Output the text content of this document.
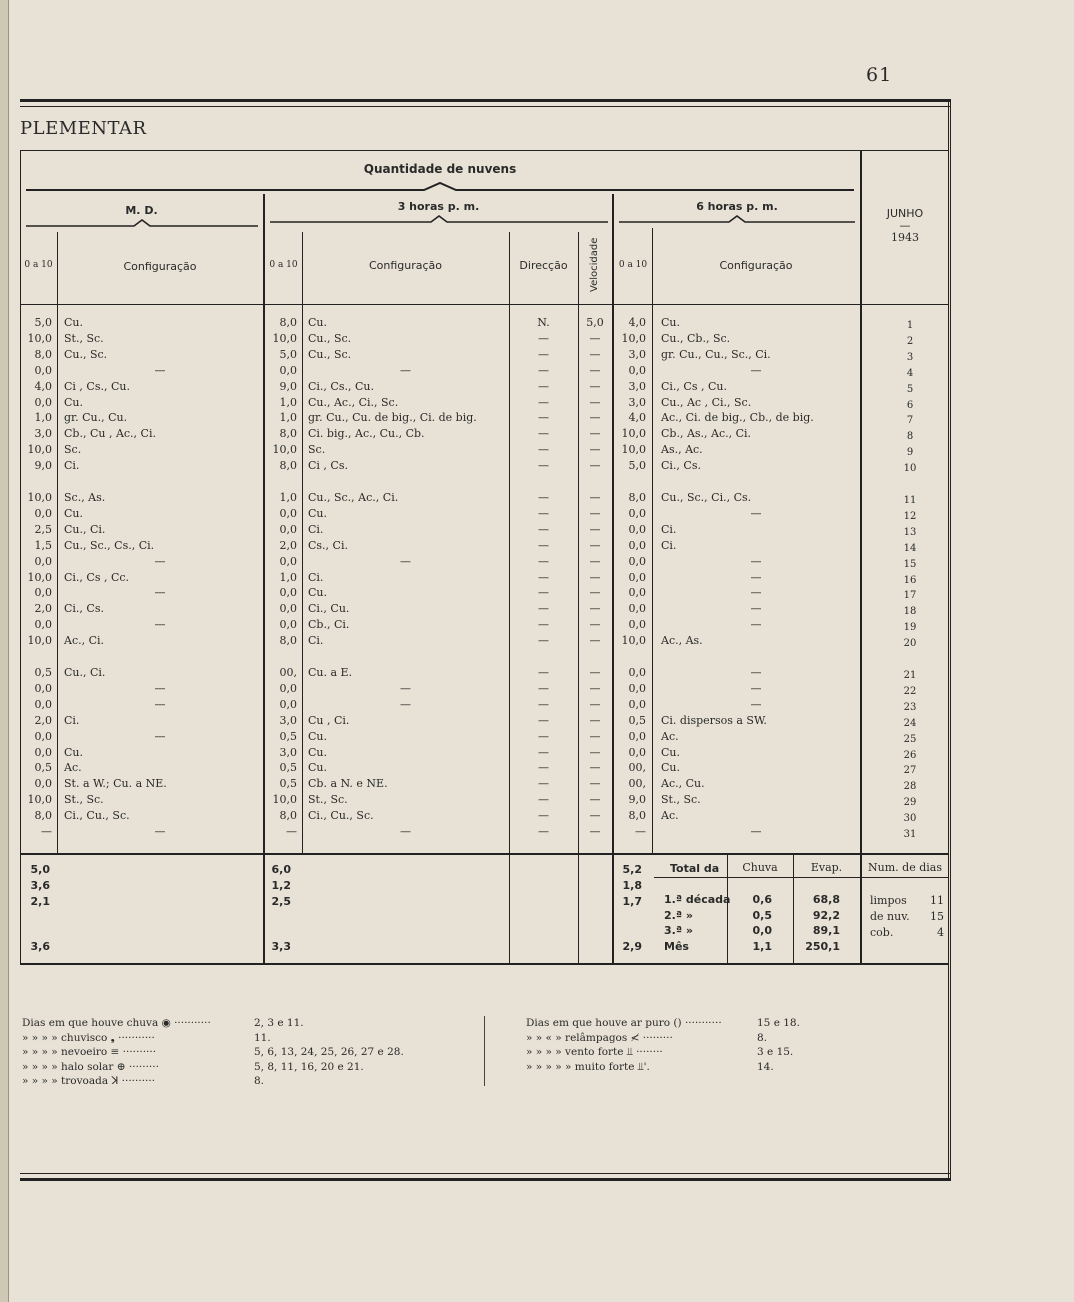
61
PLEMENTAR
Quantidade de nuvens
M. D.	3 horas p. m.	6 horas p. m.
JUNHO
—
1943
0 a 10	Configuração	0 a 10	Configuração	Direcção	Velocidade	0 a 10	Configuração
5,0 Cu.	8,0 Cu.	N.	5,0	4,0 Cu.	1
10,0 St., Sc.	10,0 Cu., Sc.	—	—	10,0 Cu., Cb., Sc.	2
8,0 Cu., Sc.	5,0 Cu., Sc.	—	—	3,0 gr. Cu., Cu., Sc., Ci.	3
0,0	—	0,0	—	—	—	0,0	—	4
4,0 Ci , Cs., Cu.	9,0 Ci., Cs., Cu.	—	—	3,0 Ci., Cs , Cu.	5
0,0 Cu.	1,0 Cu., Ac., Ci., Sc.	—	—	3,0 Cu., Ac , Ci., Sc.	6
1,0 gr. Cu., Cu.	1,0 gr. Cu., Cu. de big., Ci. de big.	—	—	4,0 Ac., Ci. de big., Cb., de big.	7
3,0 Cb., Cu , Ac., Ci.	8,0 Ci. big., Ac., Cu., Cb.	—	—	10,0 Cb., As., Ac., Ci.	8
10,0 Sc.	10,0 Sc.	—	—	10,0 As., Ac.	9
9,0 Ci.	8,0 Ci , Cs.	—	—	5,0 Ci., Cs.	10
10,0 Sc., As.	1,0 Cu., Sc., Ac., Ci.	—	—	8,0 Cu., Sc., Ci., Cs.	11
0,0 Cu.	0,0 Cu.	—	—	0,0	—	12
2,5 Cu., Ci.	0,0 Ci.	—	—	0,0 Ci.	13
1,5 Cu., Sc., Cs., Ci.	2,0 Cs., Ci.	—	—	0,0 Ci.	14
0,0	—	0,0	—	—	—	0,0	—	15
10,0 Ci., Cs , Cc.	1,0 Ci.	—	—	0,0	—	16
0,0	—	0,0 Cu.	—	—	0,0	—	17
2,0 Ci., Cs.	0,0 Ci., Cu.	—	—	0,0	—	18
0,0	—	0,0 Cb., Ci.	—	—	0,0	—	19
10,0 Ac., Ci.	8,0 Ci.	—	—	10,0 Ac., As.	20
0,5 Cu., Ci.	00, Cu. a E.	—	—	0,0	—	21
0,0	—	0,0	—	—	—	0,0	—	22
0,0	—	0,0	—	—	—	0,0	—	23
2,0 Ci.	3,0 Cu , Ci.	—	—	0,5 Ci. dispersos a SW.	24
0,0	—	0,5 Cu.	—	—	0,0 Ac.	25
0,0 Cu.	3,0 Cu.	—	—	0,0 Cu.	26
0,5 Ac.	0,5 Cu.	—	—	00, Cu.	27
0,0 St. a W.; Cu. a NE.	0,5 Cb. a N. e NE.	—	—	00, Ac., Cu.	28
10,0 St., Sc.	10,0 St., Sc.	—	—	9,0 St., Sc.	29
8,0 Ci., Cu., Sc.	8,0 Ci., Cu., Sc.	—	—	8,0 Ac.	30
—	—	—	—	—	—	—	—	31
5,0	6,0	5,2
3,6	1,2	1,8
2,1	2,5	1,7
3,6	3,3	2,9
Total da	Chuva	Evap.
1.ª década	0,6	68,8
2.ª »	0,5	92,2
3.ª »	0,0	89,1
Mês	1,1	250,1
Num. de dias
limpos	11
de nuv.	15
cob.	4
Dias em que houve chuva ◉ ···········	2, 3 e 11.
» » » » chuvisco ❟ ···········	11.
» » » » nevoeiro ≡ ··········	5, 6, 13, 24, 25, 26, 27 e 28.
» » » » halo solar ⊕ ·········	5, 8, 11, 16, 20 e 21.
» » » » trovoada ꓘ ··········	8.
Dias em que houve ar puro () ···········	15 e 18.
» » « » relâmpagos ≮ ·········	8.
» » » » vento forte ⫫ ········	3 e 15.
» » » » » muito forte ⫫'.	14.
